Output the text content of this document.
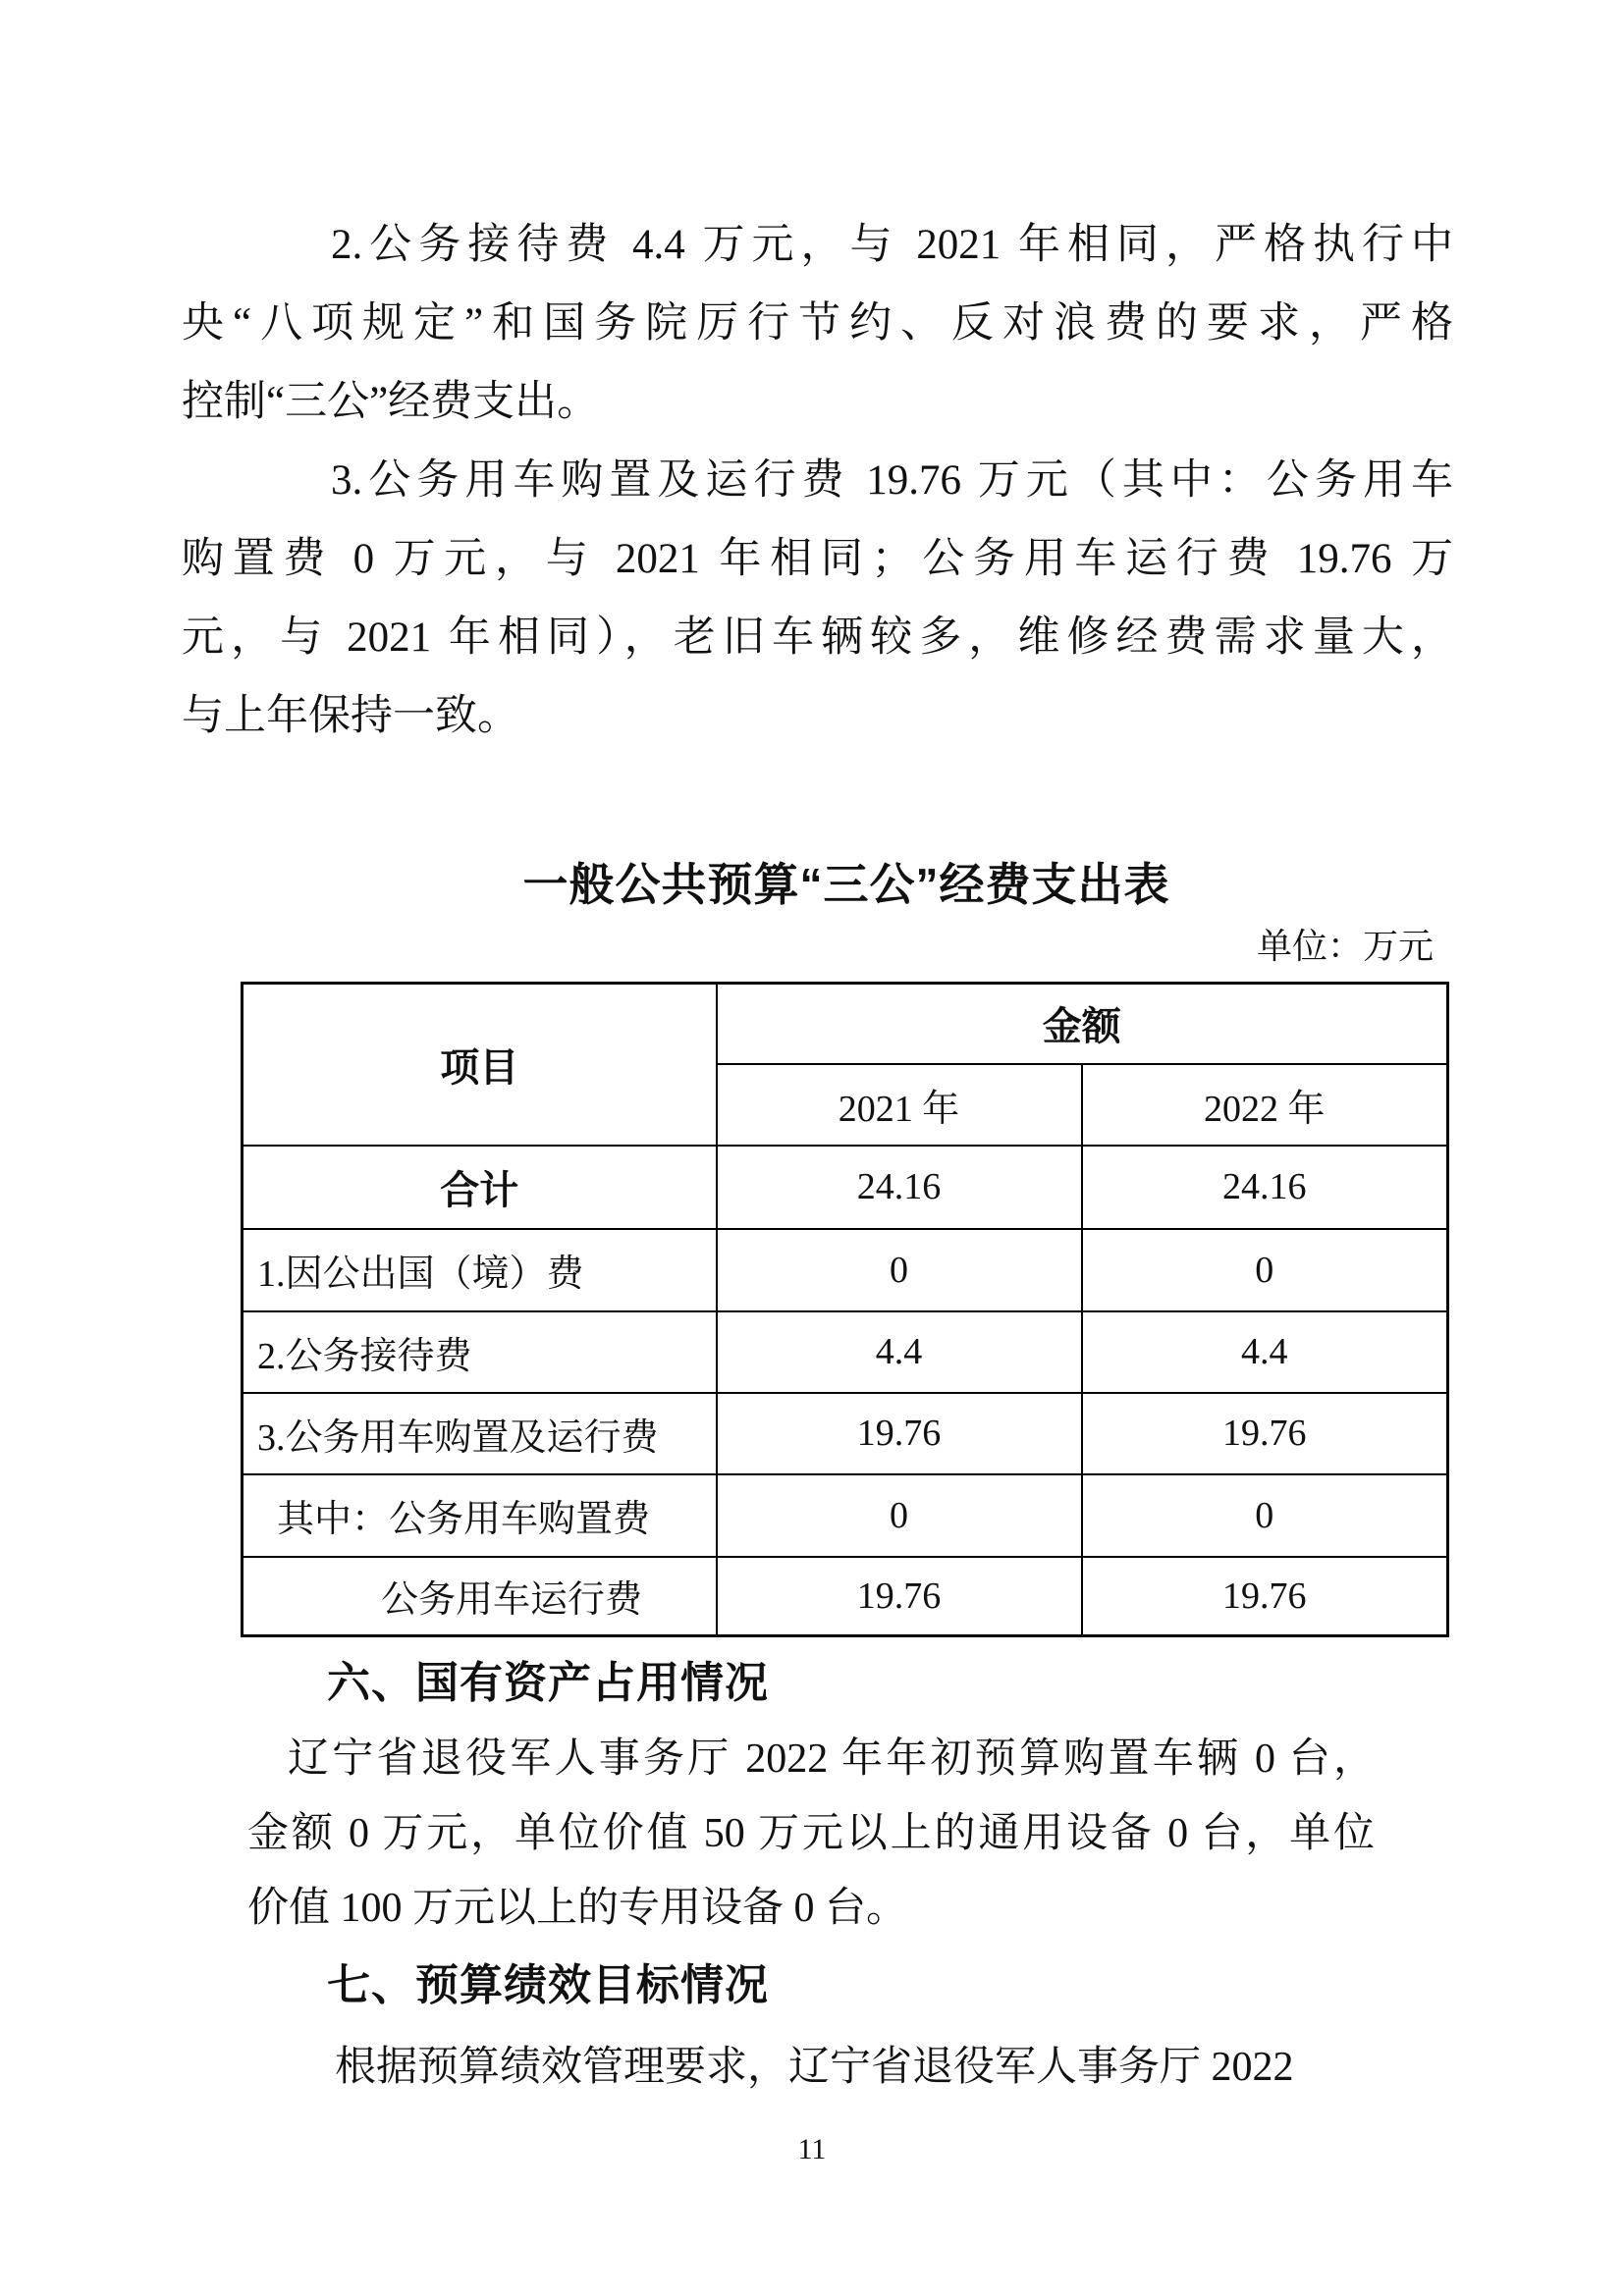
2.公务接待费 4.4 万元，与 2021 年相同，严格执行中
央“八项规定”和国务院厉行节约、反对浪费的要求，严格
控制“三公”经费支出。
3.公务用车购置及运行费 19.76 万元（其中：公务用车
购置费 0 万元，与 2021 年相同；公务用车运行费 19.76 万
元，与 2021 年相同），老旧车辆较多，维修经费需求量大，
与上年保持一致。
一般公共预算“三公”经费支出表
单位：万元
项目	金额	
	2021 年	2022 年
合计	24.16	24.16
1.因公出国（境）费	0	0
2.公务接待费	4.4	4.4
3.公务用车购置及运行费	19.76	19.76
其中：公务用车购置费	0	0
公务用车运行费	19.76	19.76
六、国有资产占用情况
辽宁省退役军人事务厅 2022 年年初预算购置车辆 0 台，
金额 0 万元，单位价值 50 万元以上的通用设备 0 台，单位
价值 100 万元以上的专用设备 0 台。
七、预算绩效目标情况
根据预算绩效管理要求，辽宁省退役军人事务厅 2022
11
